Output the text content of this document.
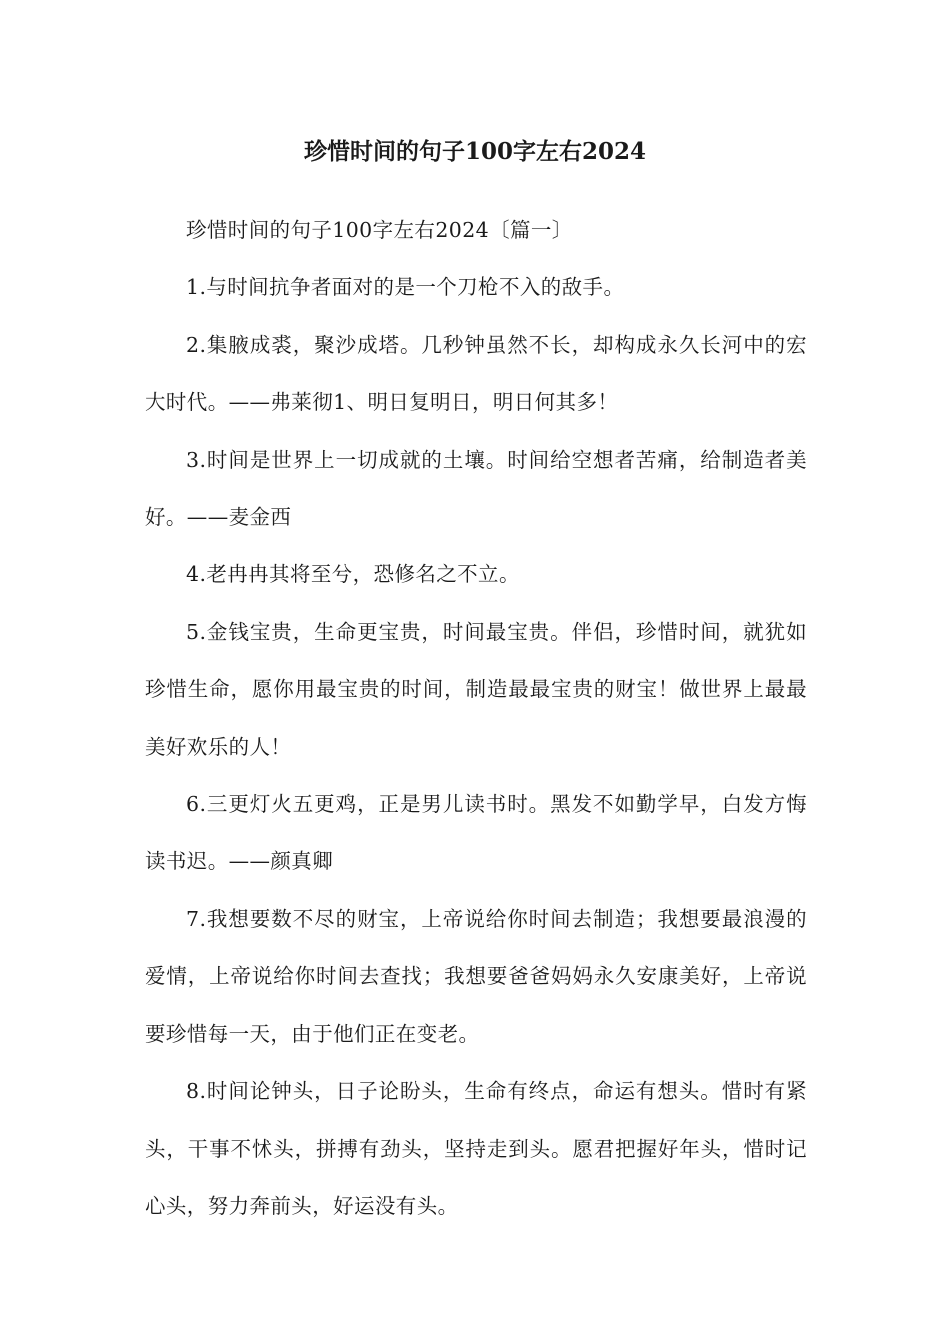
珍惜时间的句子100字左右2024

珍惜时间的句子100字左右2024〔篇一〕

1.与时间抗争者面对的是一个刀枪不入的敌手。

2.集腋成裘，聚沙成塔。几秒钟虽然不长，却构成永久长河中的宏大时代。——弗莱彻1、明日复明日，明日何其多！

3.时间是世界上一切成就的土壤。时间给空想者苦痛，给制造者美好。——麦金西

4.老冉冉其将至兮，恐修名之不立。

5.金钱宝贵，生命更宝贵，时间最宝贵。伴侣，珍惜时间，就犹如珍惜生命，愿你用最宝贵的时间，制造最最宝贵的财宝！做世界上最最美好欢乐的人！

6.三更灯火五更鸡，正是男儿读书时。黑发不如勤学早，白发方悔读书迟。——颜真卿

7.我想要数不尽的财宝，上帝说给你时间去制造；我想要最浪漫的爱情，上帝说给你时间去查找；我想要爸爸妈妈永久安康美好，上帝说要珍惜每一天，由于他们正在变老。

8.时间论钟头，日子论盼头，生命有终点，命运有想头。惜时有紧头，干事不怵头，拼搏有劲头，坚持走到头。愿君把握好年头，惜时记心头，努力奔前头，好运没有头。
